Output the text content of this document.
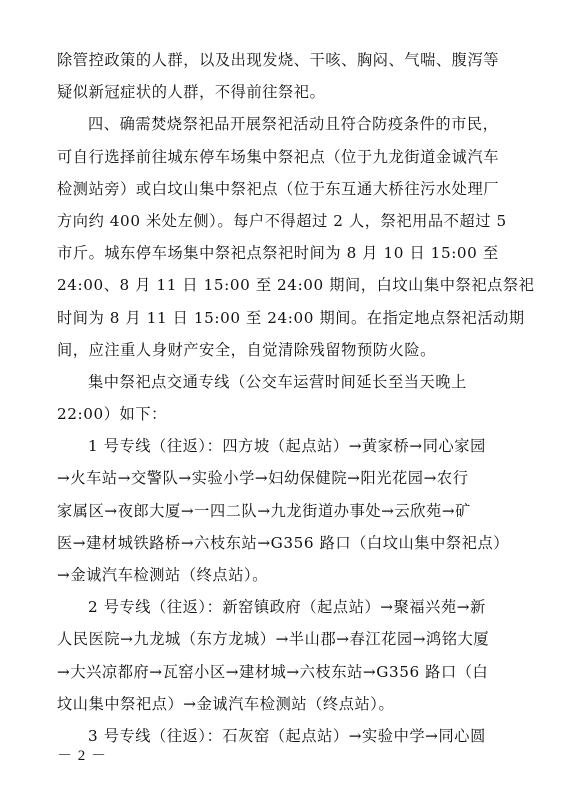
除管控政策的人群，以及出现发烧、干咳、胸闷、气喘、腹泻等
疑似新冠症状的人群，不得前往祭祀。
四、确需焚烧祭祀品开展祭祀活动且符合防疫条件的市民，
可自行选择前往城东停车场集中祭祀点（位于九龙街道金诚汽车
检测站旁）或白坟山集中祭祀点（位于东互通大桥往污水处理厂
方向约 400 米处左侧）。每户不得超过 2 人，祭祀用品不超过 5
市斤。城东停车场集中祭祀点祭祀时间为 8 月 10 日 15:00 至
24:00、8 月 11 日 15:00 至 24:00 期间，白坟山集中祭祀点祭祀
时间为 8 月 11 日 15:00 至 24:00 期间。在指定地点祭祀活动期
间，应注重人身财产安全，自觉清除残留物预防火险。
集中祭祀点交通专线（公交车运营时间延长至当天晚上
22:00）如下：
1 号专线（往返）：四方坡（起点站）→黄家桥→同心家园
→火车站→交警队→实验小学→妇幼保健院→阳光花园→农行
家属区→夜郎大厦→一四二队→九龙街道办事处→云欣苑→矿
医→建材城铁路桥→六枝东站→G356 路口（白坟山集中祭祀点）
→金诚汽车检测站（终点站）。
2 号专线（往返）：新窑镇政府（起点站）→聚福兴苑→新
人民医院→九龙城（东方龙城）→半山郡→春江花园→鸿铭大厦
→大兴凉都府→瓦窑小区→建材城→六枝东站→G356 路口（白
坟山集中祭祀点）→金诚汽车检测站（终点站）。
3 号专线（往返）：石灰窑（起点站）→实验中学→同心圆
－ 2 －
